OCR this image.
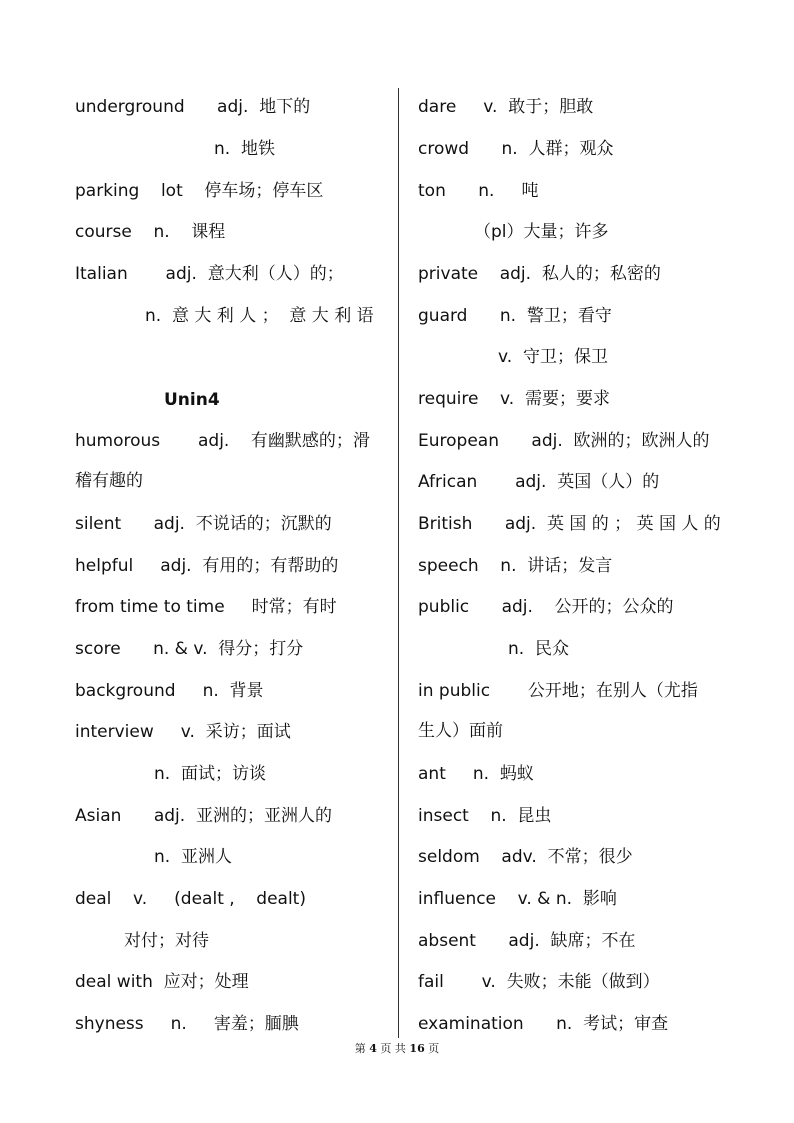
underground      adj.  地下的
n.  地铁
parking    lot    停车场；停车区
course    n.    课程
Italian       adj.  意大利（人）的；
n.  意 大 利 人 ；  意 大 利 语
Unin4
humorous       adj.    有幽默感的；滑
稽有趣的
silent      adj.  不说话的；沉默的
helpful     adj.  有用的；有帮助的
from time to time     时常；有时
score      n. & v.  得分；打分
background     n.  背景
interview     v.  采访；面试
n.  面试；访谈
Asian      adj.  亚洲的；亚洲人的
n.  亚洲人
deal    v.     (dealt ,    dealt)
对付；对待
deal with  应对；处理
shyness     n.     害羞；腼腆
dare     v.  敢于；胆敢
crowd      n.  人群；观众
ton      n.     吨
（pl）大量；许多
private    adj.  私人的；私密的
guard      n.  警卫；看守
v.  守卫；保卫
require    v.  需要；要求
European      adj.  欧洲的；欧洲人的
African       adj.  英国（人）的
British      adj.  英 国 的 ； 英 国 人 的
speech    n.  讲话；发言
public      adj.    公开的；公众的
n.  民众
in public       公开地；在别人（尤指
生人）面前
ant     n.  蚂蚁
insect    n.  昆虫
seldom    adv.  不常；很少
influence    v. & n.  影响
absent      adj.  缺席；不在
fail       v.  失败；未能（做到）
examination      n.  考试；审查
第 4 页 共 16 页
